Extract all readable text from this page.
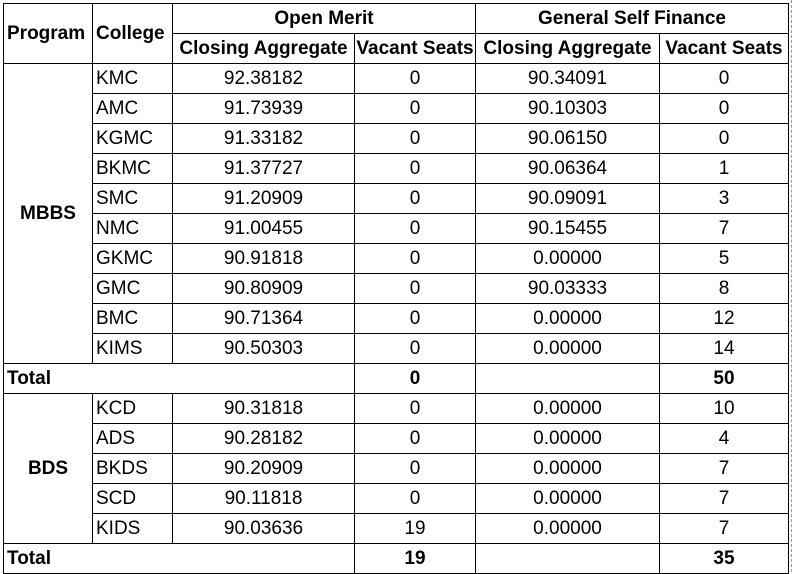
Program	College	Open Merit		General Self Finance	
		Closing Aggregate	Vacant Seats	Closing Aggregate	Vacant Seats
MBBS	KMC	92.38182	0	90.34091	0
	AMC	91.73939	0	90.10303	0
	KGMC	91.33182	0	90.06150	0
	BKMC	91.37727	0	90.06364	1
	SMC	91.20909	0	90.09091	3
	NMC	91.00455	0	90.15455	7
	GKMC	90.91818	0	0.00000	5
	GMC	90.80909	0	90.03333	8
	BMC	90.71364	0	0.00000	12
	KIMS	90.50303	0	0.00000	14
Total			0		50
BDS	KCD	90.31818	0	0.00000	10
	ADS	90.28182	0	0.00000	4
	BKDS	90.20909	0	0.00000	7
	SCD	90.11818	0	0.00000	7
	KIDS	90.03636	19	0.00000	7
Total			19		35
